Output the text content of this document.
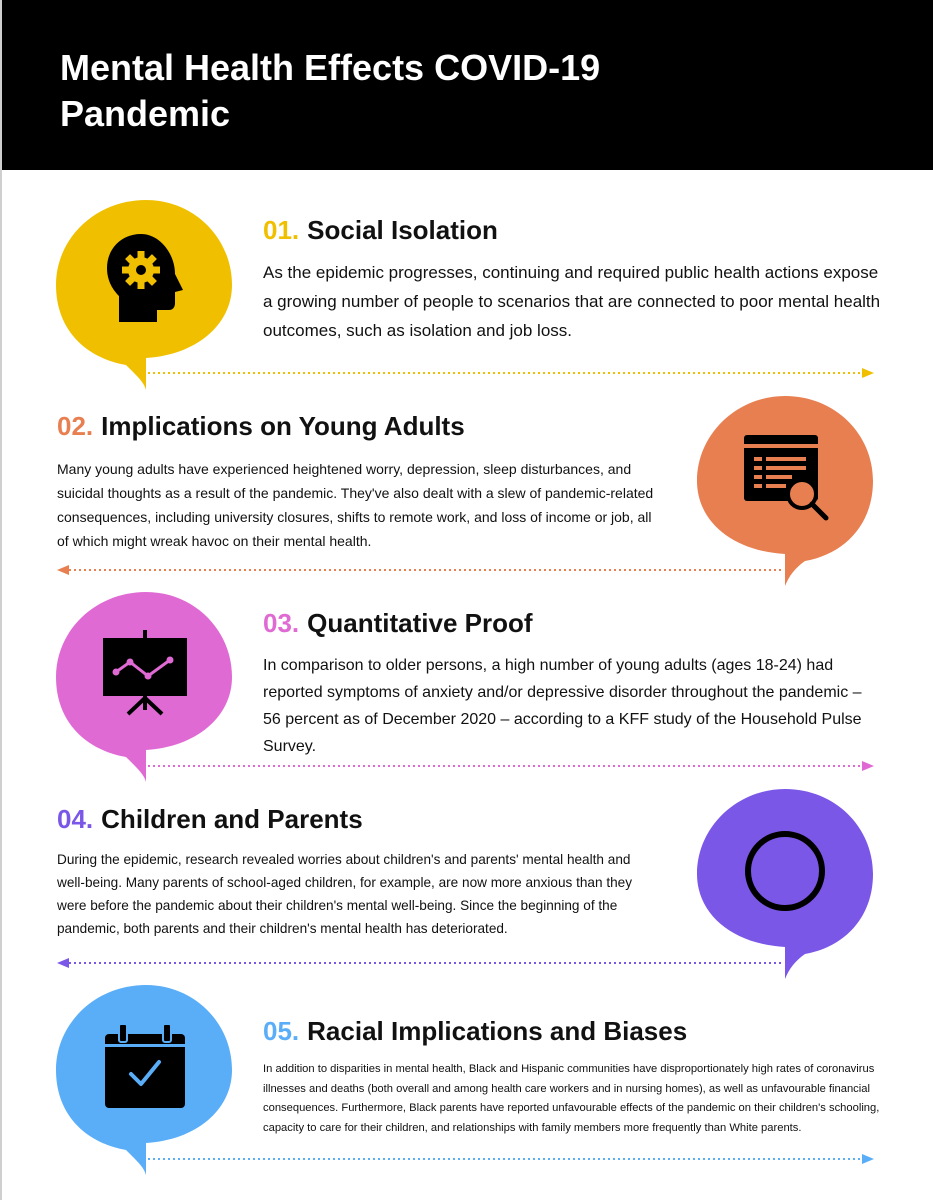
Mental Health Effects COVID-19 Pandemic
01. Social Isolation

As the epidemic progresses, continuing and required public health actions expose a growing number of people to scenarios that are connected to poor mental health outcomes, such as isolation and job loss.

02. Implications on Young Adults

Many young adults have experienced heightened worry, depression, sleep disturbances, and suicidal thoughts as a result of the pandemic. They've also dealt with a slew of pandemic-related consequences, including university closures, shifts to remote work, and loss of income or job, all of which might wreak havoc on their mental health.

03. Quantitative Proof

In comparison to older persons, a high number of young adults (ages 18-24) had reported symptoms of anxiety and/or depressive disorder throughout the pandemic – 56 percent as of December 2020 – according to a KFF study of the Household Pulse Survey.

04. Children and Parents

During the epidemic, research revealed worries about children's and parents' mental health and well-being. Many parents of school-aged children, for example, are now more anxious than they were before the pandemic about their children's mental well-being. Since the beginning of the pandemic, both parents and their children's mental health has deteriorated.

05. Racial Implications and Biases

In addition to disparities in mental health, Black and Hispanic communities have disproportionately high rates of coronavirus illnesses and deaths (both overall and among health care workers and in nursing homes), as well as unfavourable financial consequences. Furthermore, Black parents have reported unfavourable effects of the pandemic on their children's schooling, capacity to care for their children, and relationships with family members more frequently than White parents.
